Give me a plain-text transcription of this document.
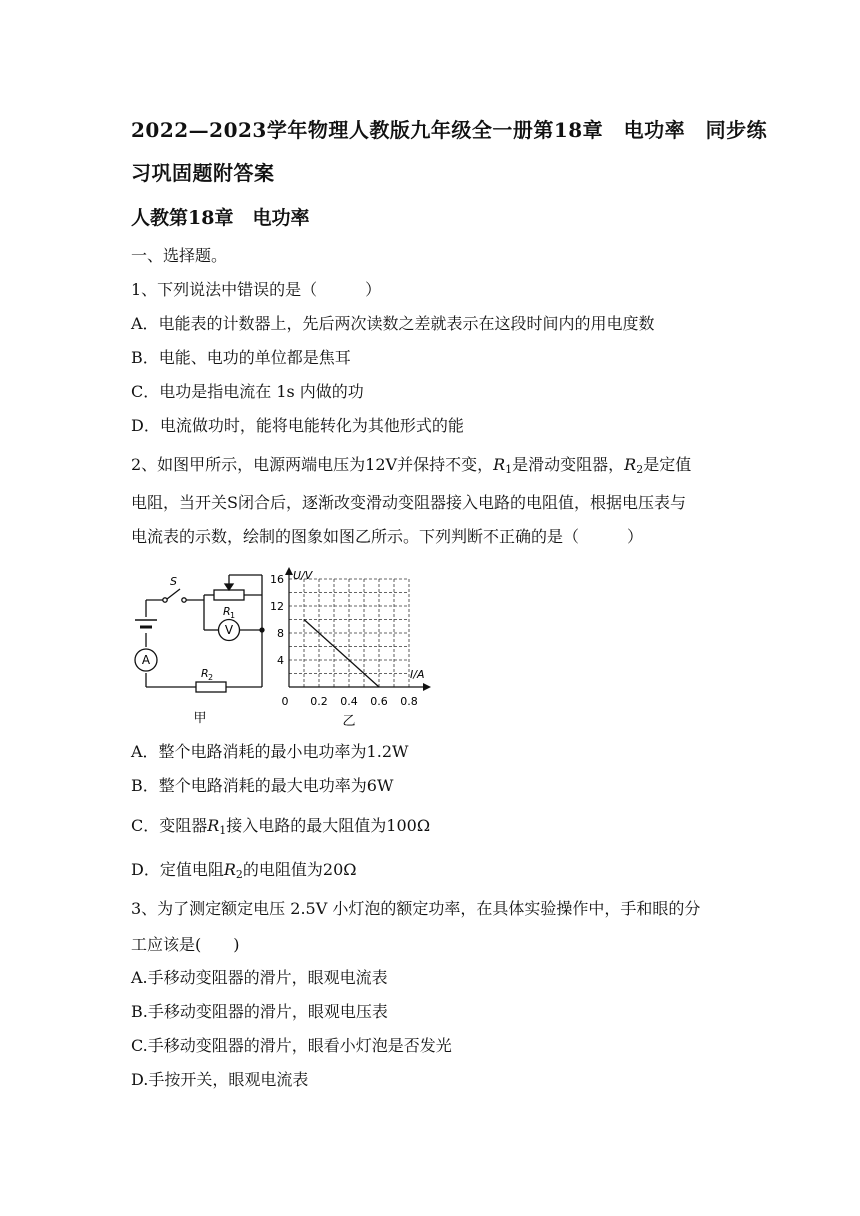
2022—2023学年物理人教版九年级全一册第18章　电功率　同步练
习巩固题附答案
人教第18章　电功率
一、选择题。
1、下列说法中错误的是（　　　）
A．电能表的计数器上，先后两次读数之差就表示在这段时间内的用电度数
B．电能、电功的单位都是焦耳
C．电功是指电流在 1s 内做的功
D．电流做功时，能将电能转化为其他形式的能
2、如图甲所示，电源两端电压为12V并保持不变，$R_1$是滑动变阻器，$R_2$是定值
电阻，当开关S闭合后，逐渐改变滑动变阻器接入电路的电阻值，根据电压表与
电流表的示数，绘制的图象如图乙所示。下列判断不正确的是（　　　）
S
R 1
V
A
R 2
甲
16
12
8
4
0.2 0.4 0.6 0.8
U/V
I/A
0
乙
A．整个电路消耗的最小电功率为1.2W
B．整个电路消耗的最大电功率为6W
C．变阻器$R_1$接入电路的最大阻值为100Ω
D．定值电阻$R_2$的电阻值为20Ω
3、为了测定额定电压 2.5V 小灯泡的额定功率，在具体实验操作中，手和眼的分
工应该是(　　)
A.手移动变阻器的滑片，眼观电流表
B.手移动变阻器的滑片，眼观电压表
C.手移动变阻器的滑片，眼看小灯泡是否发光
D.手按开关，眼观电流表
